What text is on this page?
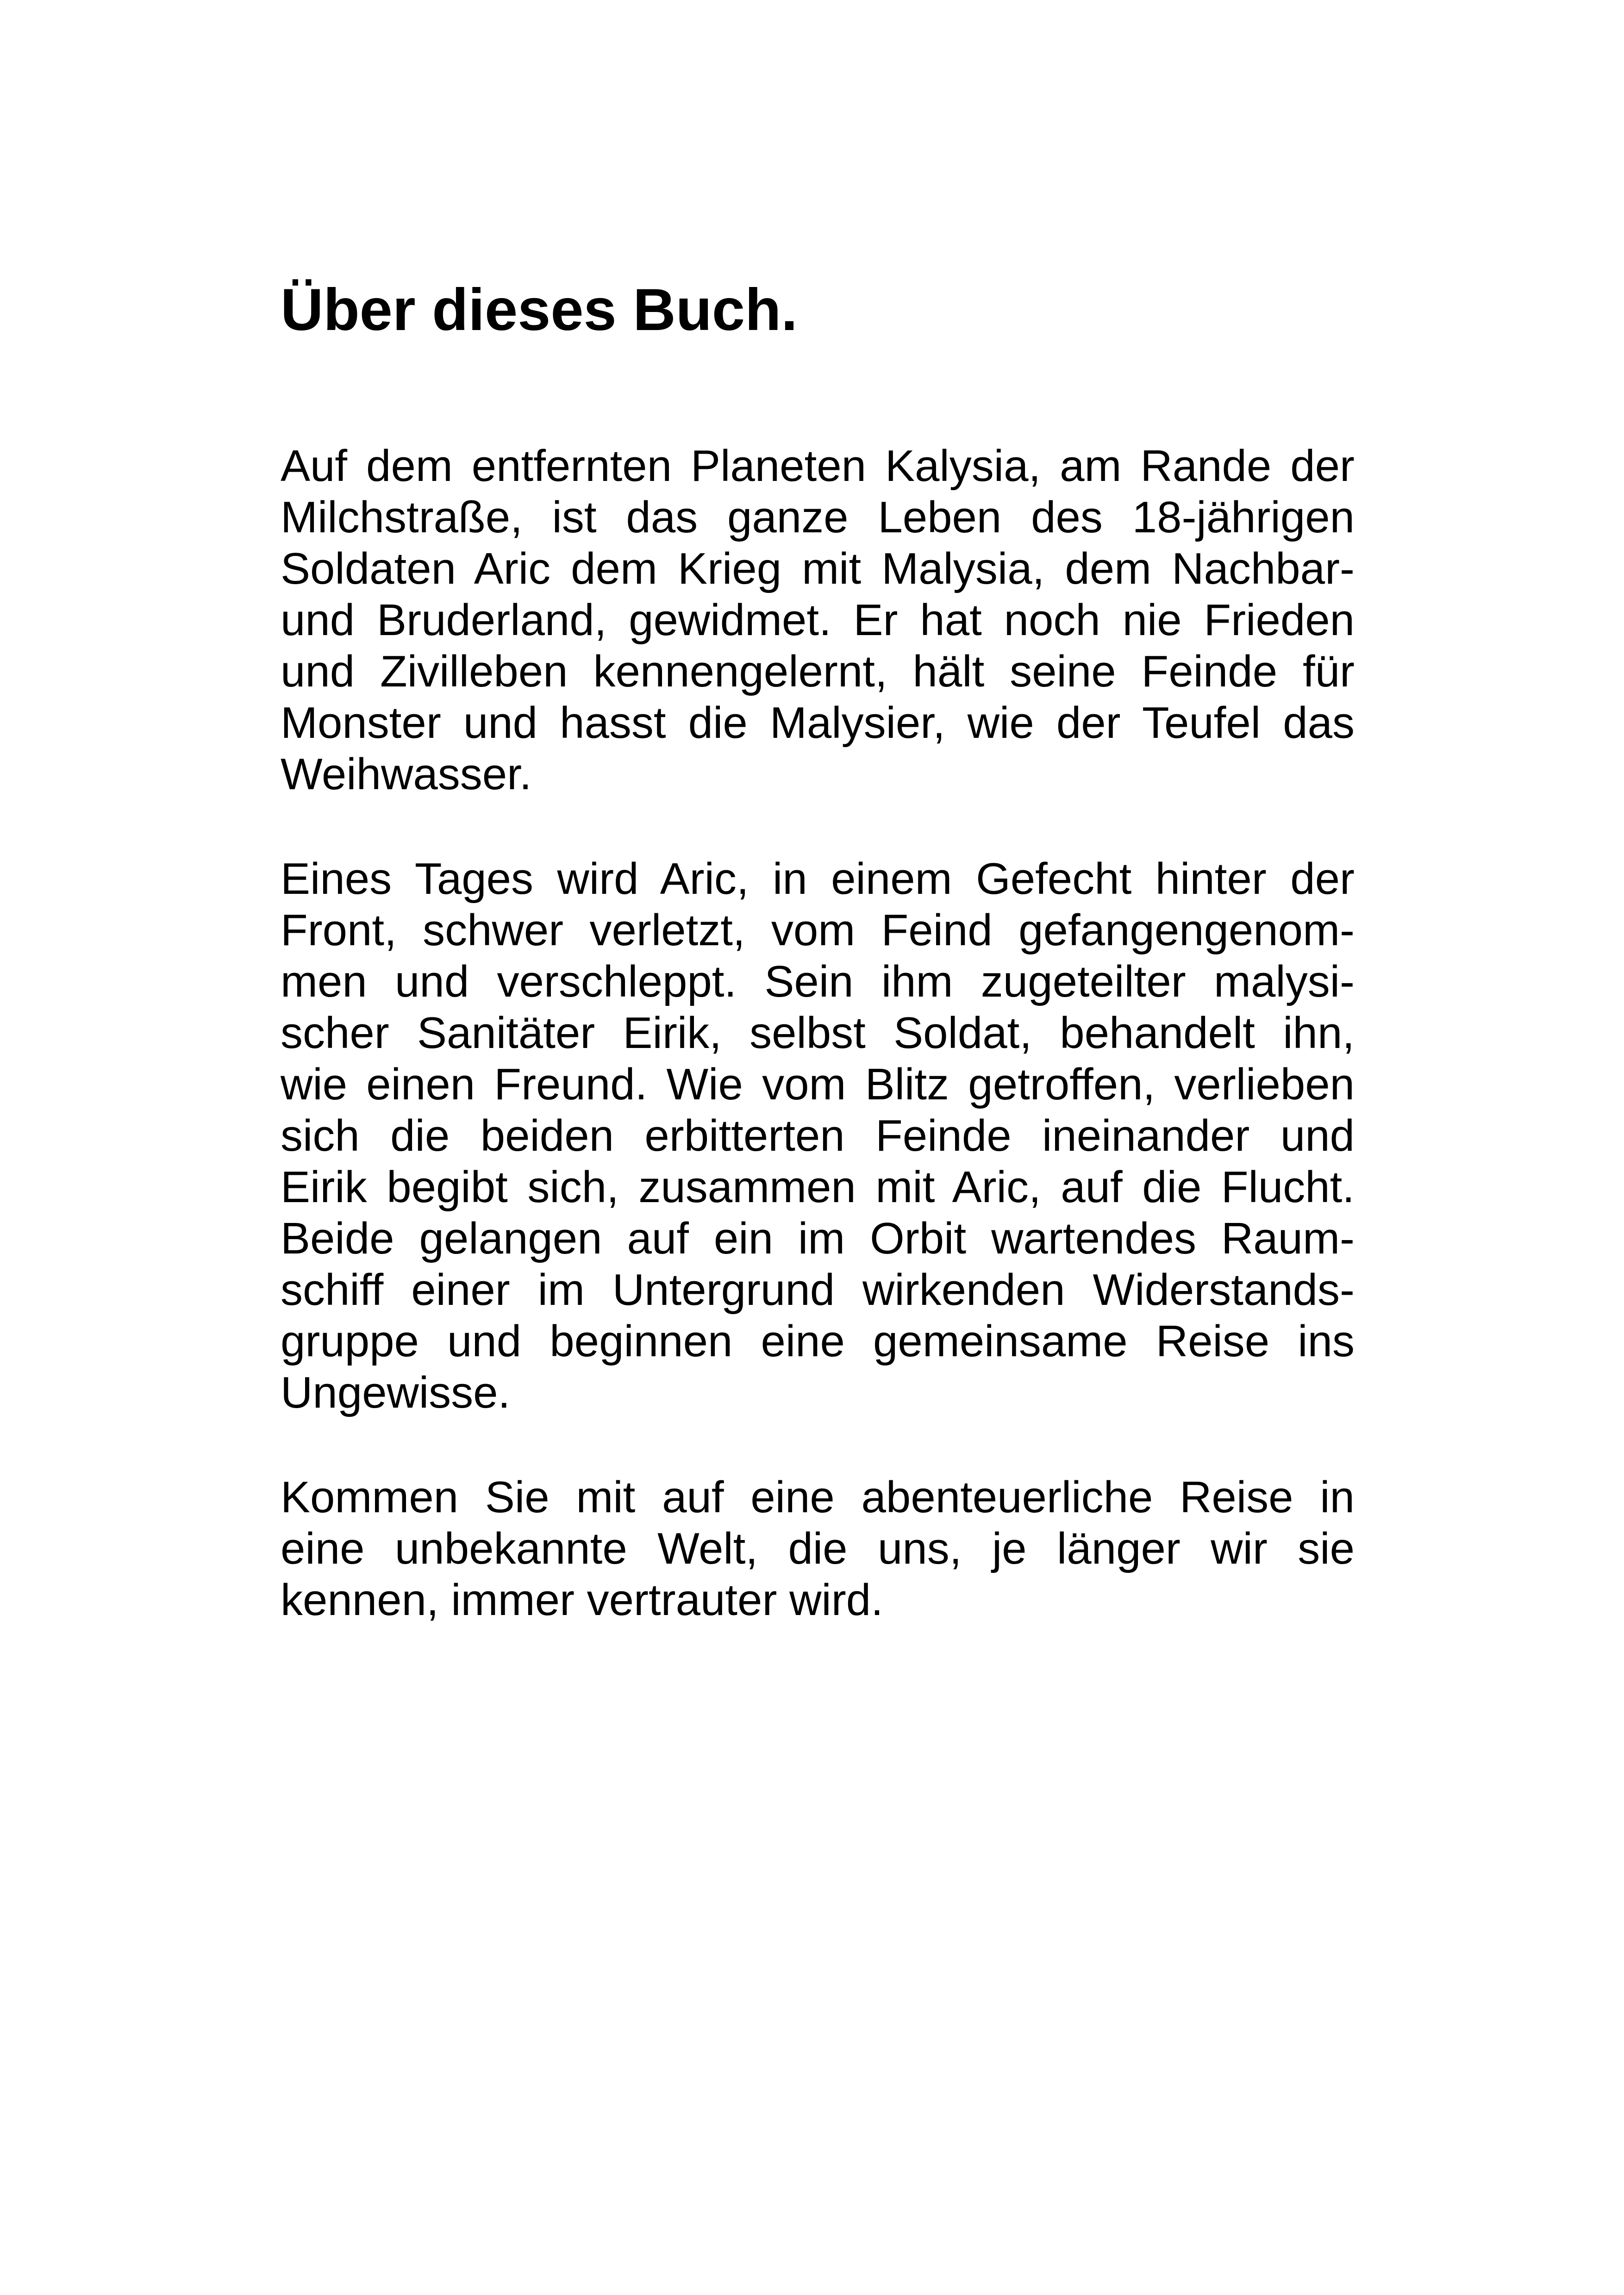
Über dieses Buch.
Auf dem entfernten Planeten Kalysia, am Rande der
Milchstraße, ist das ganze Leben des 18-jährigen
Soldaten Aric dem Krieg mit Malysia, dem Nachbar-
und Bruderland, gewidmet. Er hat noch nie Frieden
und Zivilleben kennengelernt, hält seine Feinde für
Monster und hasst die Malysier, wie der Teufel das
Weihwasser.
Eines Tages wird Aric, in einem Gefecht hinter der
Front, schwer verletzt, vom Feind gefangengenom-
men und verschleppt. Sein ihm zugeteilter malysi-
scher Sanitäter Eirik, selbst Soldat, behandelt ihn,
wie einen Freund. Wie vom Blitz getroffen, verlieben
sich die beiden erbitterten Feinde ineinander und
Eirik begibt sich, zusammen mit Aric, auf die Flucht.
Beide gelangen auf ein im Orbit wartendes Raum-
schiff einer im Untergrund wirkenden Widerstands-
gruppe und beginnen eine gemeinsame Reise ins
Ungewisse.
Kommen Sie mit auf eine abenteuerliche Reise in
eine unbekannte Welt, die uns, je länger wir sie
kennen, immer vertrauter wird.
